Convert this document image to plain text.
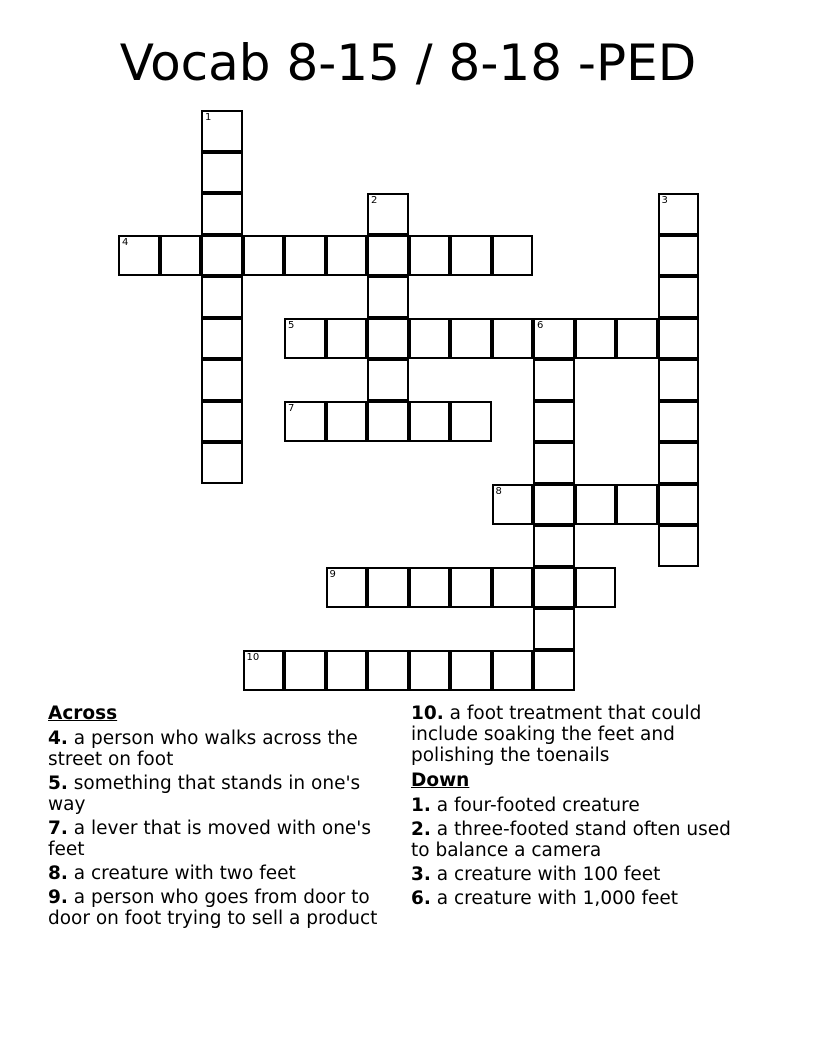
Vocab 8-15 / 8-18 -PED
1
2	3
4
5	6
7
8
9
10
Across
4. a person who walks across the street on foot
5. something that stands in one's way
7. a lever that is moved with one's feet
8. a creature with two feet
9. a person who goes from door to door on foot trying to sell a product
10. a foot treatment that could include soaking the feet and polishing the toenails
Down
1. a four-footed creature
2. a three-footed stand often used to balance a camera
3. a creature with 100 feet
6. a creature with 1,000 feet
